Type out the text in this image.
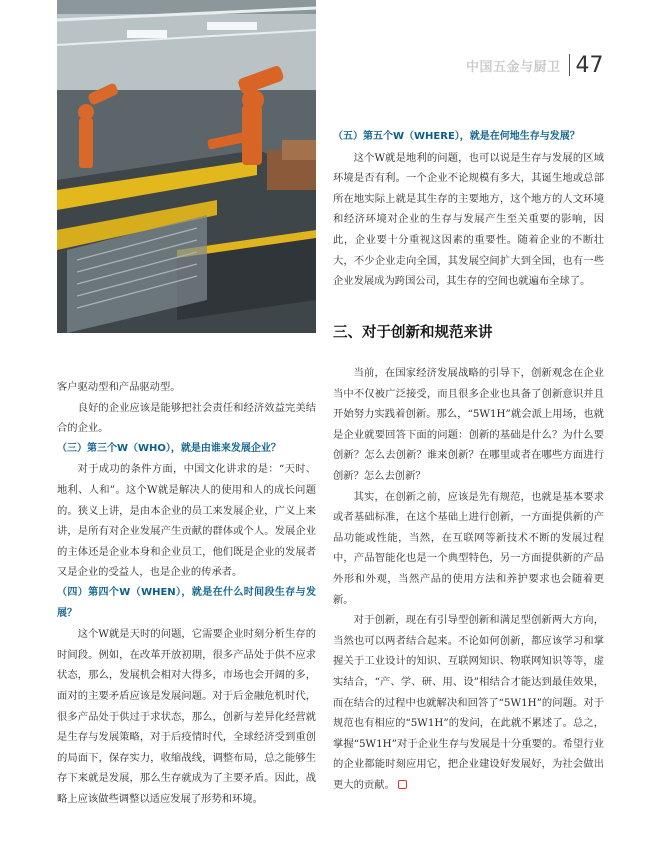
中国五金与厨卫 47

（五）第五个W（WHERE），就是在何地生存与发展？

这个W就是地利的问题，也可以说是生存与发展的区域环境是否有利。一个企业不论规模有多大，其诞生地或总部所在地实际上就是其生存的主要地方，这个地方的人文环境和经济环境对企业的生存与发展产生至关重要的影响，因此，企业要十分重视这因素的重要性。随着企业的不断壮大，不少企业走向全国，其发展空间扩大到全国，也有一些企业发展成为跨国公司，其生存的空间也就遍布全球了。

三、对于创新和规范来讲

当前，在国家经济发展战略的引导下，创新观念在企业当中不仅被广泛接受，而且很多企业也具备了创新意识并且开始努力实践着创新。那么，“5W1H”就会派上用场，也就是企业就要回答下面的问题：创新的基础是什么？为什么要创新？怎么去创新？谁来创新？在哪里或者在哪些方面进行创新？怎么去创新？

其实，在创新之前，应该是先有规范，也就是基本要求或者基础标准，在这个基础上进行创新，一方面提供新的产品功能或性能，当然，在互联网等新技术不断的发展过程中，产品智能化也是一个典型特色，另一方面提供新的产品外形和外观，当然产品的使用方法和养护要求也会随着更新。

对于创新，现在有引导型创新和满足型创新两大方向，当然也可以两者结合起来。不论如何创新，都应该学习和掌握关于工业设计的知识、互联网知识、物联网知识等等，虚实结合，“产、学、研、用、设”相结合才能达到最佳效果，而在结合的过程中也就解决和回答了“5W1H”的问题。对于规范也有相应的“5W1H”的发问，在此就不累述了。总之，掌握“5W1H”对于企业生存与发展是十分重要的。希望行业的企业都能时刻应用它，把企业建设好发展好，为社会做出更大的贡献。

客户驱动型和产品驱动型。

良好的企业应该是能够把社会责任和经济效益完美结合的企业。

（三）第三个W（WHO），就是由谁来发展企业？

对于成功的条件方面，中国文化讲求的是：“天时、地利、人和”。这个W就是解决人的使用和人的成长问题的。狭义上讲，是由本企业的员工来发展企业，广义上来讲，是所有对企业发展产生贡献的群体或个人。发展企业的主体还是企业本身和企业员工，他们既是企业的发展者又是企业的受益人，也是企业的传承者。

（四）第四个W（WHEN），就是在什么时间段生存与发展？

这个W就是天时的问题，它需要企业时刻分析生存的时间段。例如，在改革开放初期，很多产品处于供不应求状态，那么，发展机会相对大得多，市场也会开阔的多，面对的主要矛盾应该是发展问题。对于后金融危机时代，很多产品处于供过于求状态，那么，创新与差异化经营就是生存与发展策略，对于后疫情时代，全球经济受到重创的局面下，保存实力，收缩战线，调整布局，总之能够生存下来就是发展，那么生存就成为了主要矛盾。因此，战略上应该做些调整以适应发展了形势和环境。
